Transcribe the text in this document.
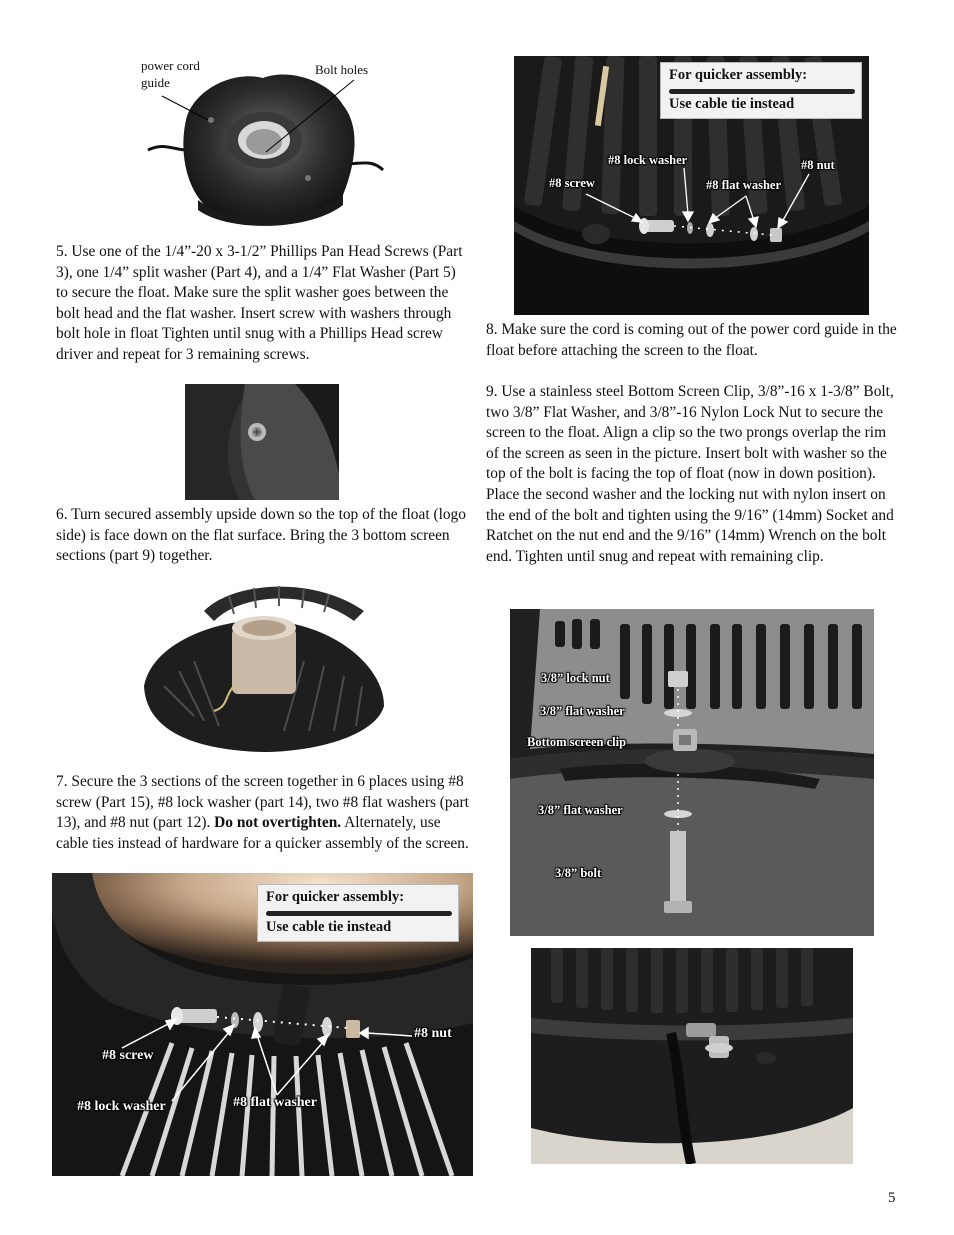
power cord
guide
Bolt holes

5. Use one of the 1/4”-20 x 3-1/2” Phillips Pan Head Screws (Part 3), one 1/4” split washer (Part 4), and a 1/4” Flat Washer (Part 5) to secure the float. Make sure the split washer goes between the bolt head and the flat washer. Insert screw with washers through bolt hole in float Tighten until snug with a Phillips Head screw driver and repeat for 3 remaining screws.

6. Turn secured assembly upside down so the top of the float (logo side) is face down on the flat surface. Bring the 3 bottom screen sections (part 9) together.

7. Secure the 3 sections of the screen together in 6 places using #8 screw (Part 15), #8 lock washer (part 14), two #8 flat washers (part 13), and #8 nut (part 12). Do not overtighten. Alternately, use cable ties instead of hardware for a quicker assembly of the screen.

For quicker assembly:
Use cable tie instead
#8 screw
#8 lock washer	#8 flat washer
#8 nut
For quicker assembly:
Use cable tie instead
#8 lock washer	#8 nut
#8 screw	#8 flat washer

8. Make sure the cord is coming out of the power cord guide in the float before attaching the screen to the float.

9. Use a stainless steel Bottom Screen Clip, 3/8”-16 x 1-3/8” Bolt, two 3/8” Flat Washer, and 3/8”-16 Nylon Lock Nut to secure the screen to the float. Align a clip so the two prongs overlap the rim of the screen as seen in the picture. Insert bolt with washer so the top of the bolt is facing the top of float (now in down position). Place the second washer and the locking nut with nylon insert on the end of the bolt and tighten using the 9/16” (14mm) Socket and Ratchet on the nut end and the 9/16” (14mm) Wrench on the bolt end. Tighten until snug and repeat with remaining clip.

3/8” lock nut
3/8” flat washer
Bottom screen clip
3/8” flat washer
3/8” bolt
5
